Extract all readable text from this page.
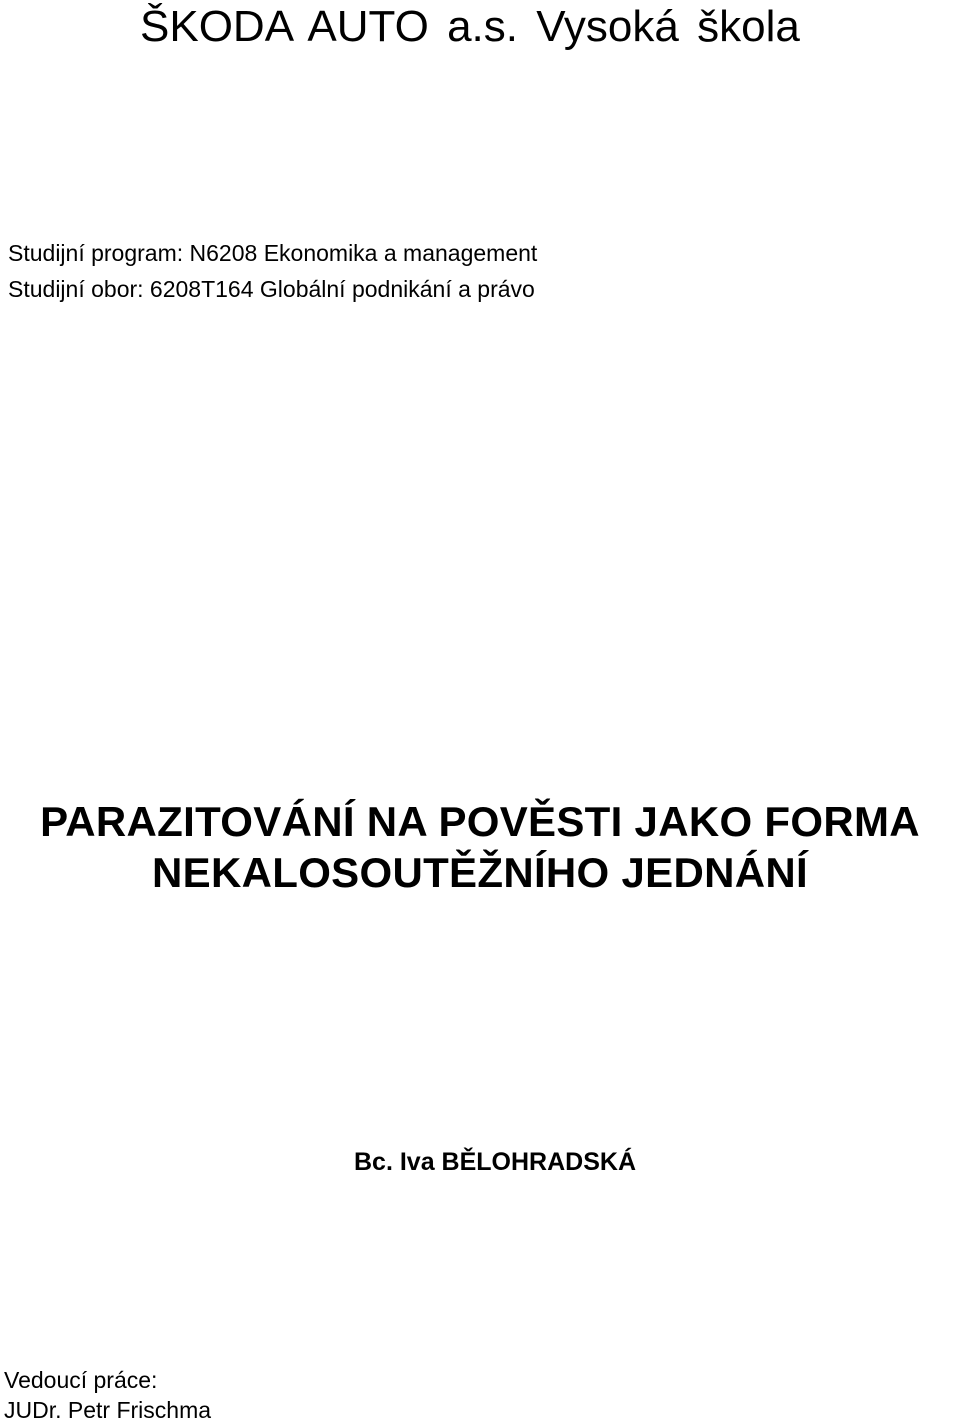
ŠKODA AUTO a.s. Vysoká škola

Studijní program: N6208 Ekonomika a management

Studijní obor: 6208T164 Globální podnikání a právo

PARAZITOVÁNÍ NA POVĚSTI JAKO FORMA
NEKALOSOUTĚŽNÍHO JEDNÁNÍ

Bc. Iva BĚLOHRADSKÁ

Vedoucí práce:

JUDr. Petr Frischma
